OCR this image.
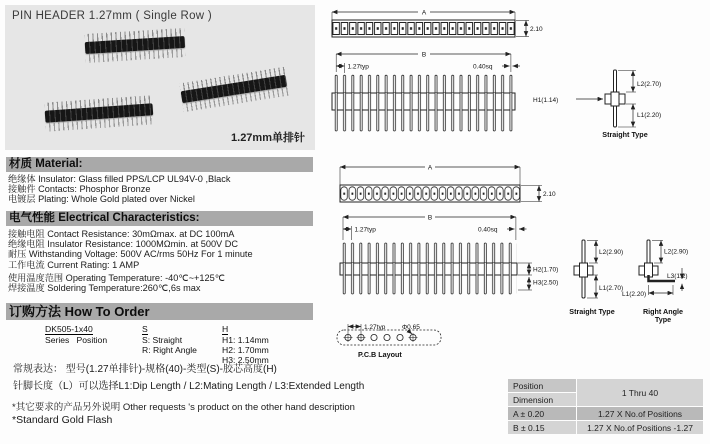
PIN HEADER 1.27mm ( Single Row )
1.27mm单排针
材质 Material:
绝缘体 Insulator: Glass filled PPS/LCP UL94V-0 ,Black
接触件 Contacts: Phosphor Bronze
电镀层 Plating: Whole Gold plated over Nickel
电气性能 Electrical Characteristics:
接触电阻 Contact Resistance: 30mΩmax. at DC 100mA
绝缘电阻 Insulator Resistance: 1000MΩmin. at 500V DC
耐压 Withstanding Voltage: 500V AC/rms 50Hz For 1 minute
工作电流 Current Rating: 1 AMP
使用温度范围 Operating Temperature: -40℃~+125℃
焊接温度 Soldering Temperature:260℃,6s max
订购方法 How To Order
DK505-1x40
Series   Position
S
S: Straight
R: Right Angle
H
H1: 1.14mm
H2: 1.70mm
H3: 2.50mm
常规表达： 型号(1.27单排针)-规格(40)-类型(S)-胶芯高度(H)
针脚长度（L）可以选择L1:Dip Length / L2:Mating Length / L3:Extended Length
*其它要求的产品另外说明 Other requests 's product on the other hand description
*Standard Gold Flash
A
2.10
B
1.27typ	0.40sq
H1(1.14)
L2(2.70)
L1(2.20)
Straight Type
A
2.10
B
1.27typ	0.40sq
H2(1.70)
H3(2.50)
1.27typ	Φ0.65
P.C.B Layout
L2(2.90)
L1(2.70)
Straight Type
L2(2.90)
L3(1.2)
L1(2.20)
Right Angle
Type
Position	1 Thru 40
Dimension	
A ± 0.20	1.27 X No.of Positions
B ± 0.15	1.27 X No.of Positions -1.27
